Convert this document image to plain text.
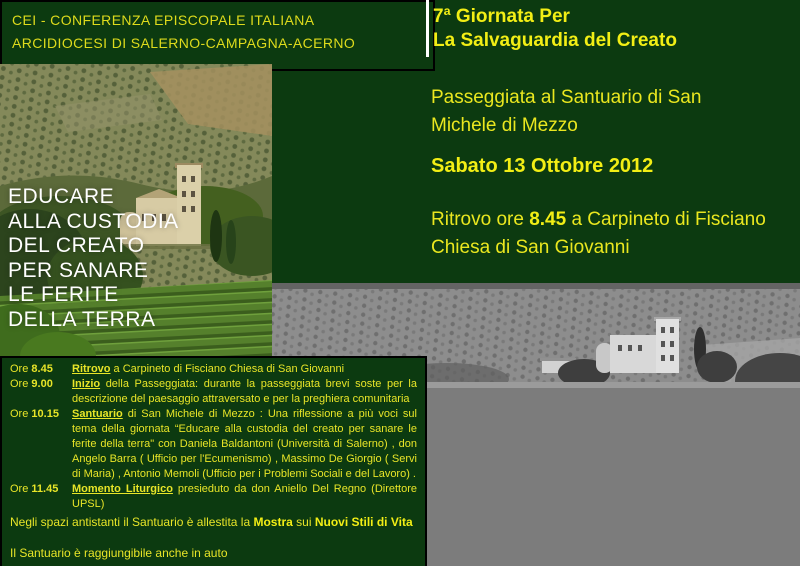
CEI - CONFERENZA EPISCOPALE ITALIANA
ARCIDIOCESI DI SALERNO-CAMPAGNA-ACERNO
7ª Giornata Per
La Salvaguardia del Creato
Passeggiata al Santuario di San
Michele di Mezzo
Sabato 13 Ottobre 2012
Ritrovo ore 8.45 a Carpineto di Fisciano
Chiesa di San Giovanni
EDUCARE
ALLA CUSTODIA
DEL CREATO
PER SANARE
LE FERITE
DELLA TERRA
Ore 8.45	Ritrovo a Carpineto di Fisciano Chiesa di San Giovanni
Ore 9.00	Inizio della Passeggiata: durante la passeggiata brevi soste per la descrizione del paesaggio attraversato e per la preghiera comunitaria
Ore 10.15	Santuario di San Michele di Mezzo : Una riflessione a più voci sul tema della giornata “Educare alla custodia del creato per sanare le ferite della terra" con Daniela Baldantoni (Università di Salerno) , don Angelo Barra ( Ufficio per l'Ecumenismo) , Massimo De Giorgio ( Servi di Maria) , Antonio Memoli (Ufficio per i Problemi Sociali e del Lavoro) .
Ore 11.45	Momento Liturgico presieduto da don Aniello Del Regno (Direttore UPSL)
Negli spazi antistanti il Santuario è allestita la Mostra sui Nuovi Stili di Vita
Il Santuario è raggiungibile anche in auto
